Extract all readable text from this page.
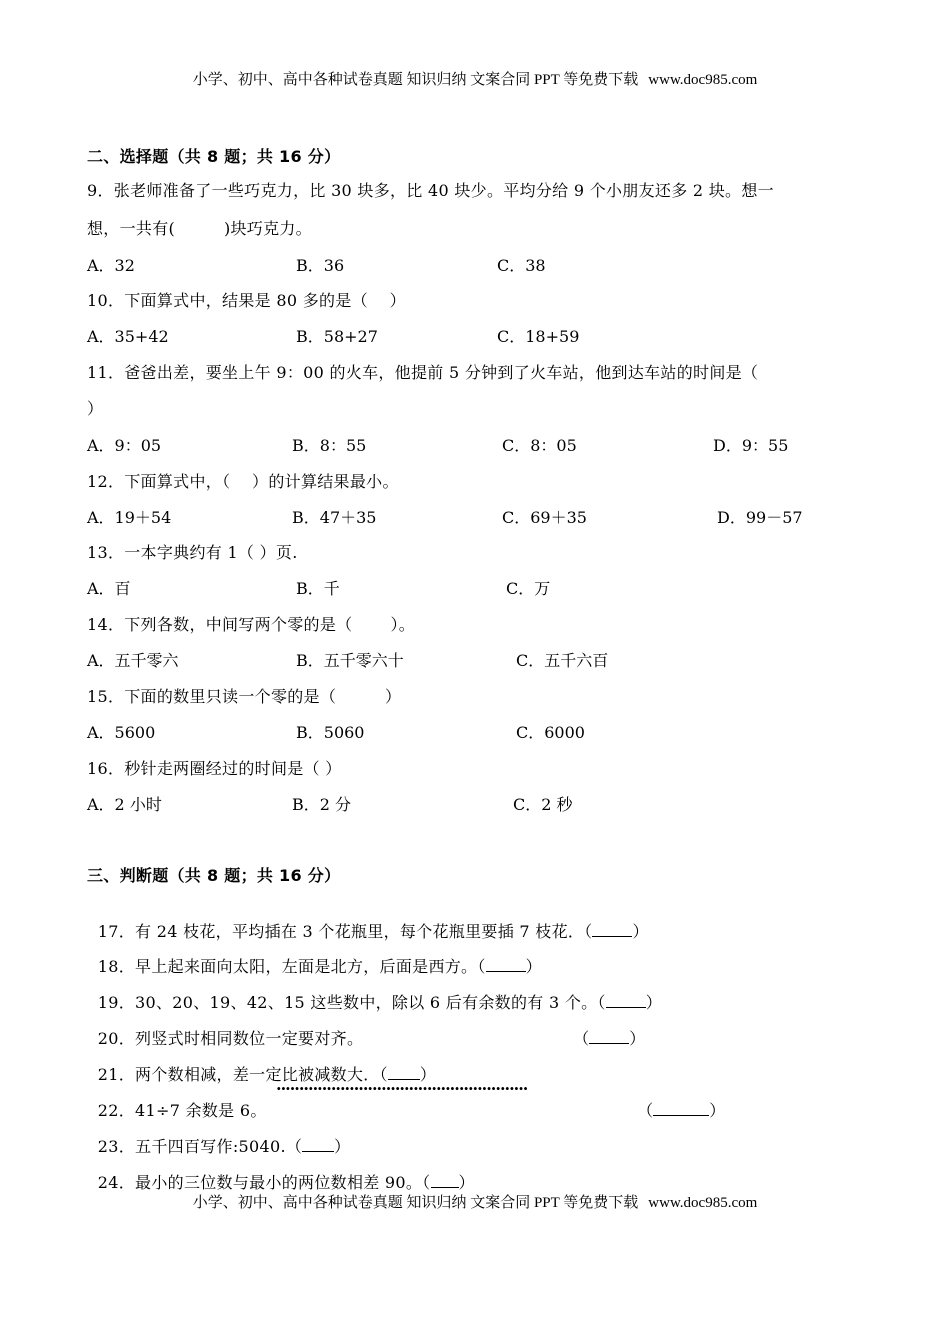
小学、初中、高中各种试卷真题 知识归纳 文案合同 PPT 等免费下载 www.doc985.com
二、选择题（共 8 题；共 16 分）
9．张老师准备了一些巧克力，比 30 块多，比 40 块少。平均分给 9 个小朋友还多 2 块。想一
想，一共有(　　　)块巧克力。
A．32	B．36	C．38
10．下面算式中，结果是 80 多的是（　 ）
A．35+42	B．58+27	C．18+59
11．爸爸出差，要坐上午 9：00 的火车，他提前 5 分钟到了火车站，他到达车站的时间是（
）
A．9：05	B．8：55	C．8：05	D．9：55
12．下面算式中，（　 ）的计算结果最小。
A．19＋54	B．47＋35	C．69＋35	D．99－57
13．一本字典约有 1（ ）页.
A．百	B．千	C．万
14．下列各数，中间写两个零的是（　　 ）。
A．五千零六	B．五千零六十	C．五千六百
15．下面的数里只读一个零的是（　　　）
A．5600	B．5060	C．6000
16．秒针走两圈经过的时间是（ ）
A．2 小时	B．2 分	C．2 秒
三、判断题（共 8 题；共 16 分）

17．有 24 枝花，平均插在 3 个花瓶里，每个花瓶里要插 7 枝花．（	）

18．早上起来面向太阳，左面是北方，后面是西方。（	）

19．30、20、19、42、15 这些数中，除以 6 后有余数的有 3 个。（	）

20．列竖式时相同数位一定要对齐。	（	）

21．两个数相减，差一定比被减数大．（ ）

22．41÷7 余数是 6。

·······················································

（	）

23．五千四百写作:5040.（ ）

24．最小的三位数与最小的两位数相差 90。（ ）

小学、初中、高中各种试卷真题 知识归纳 文案合同 PPT 等免费下载 www.doc985.com
